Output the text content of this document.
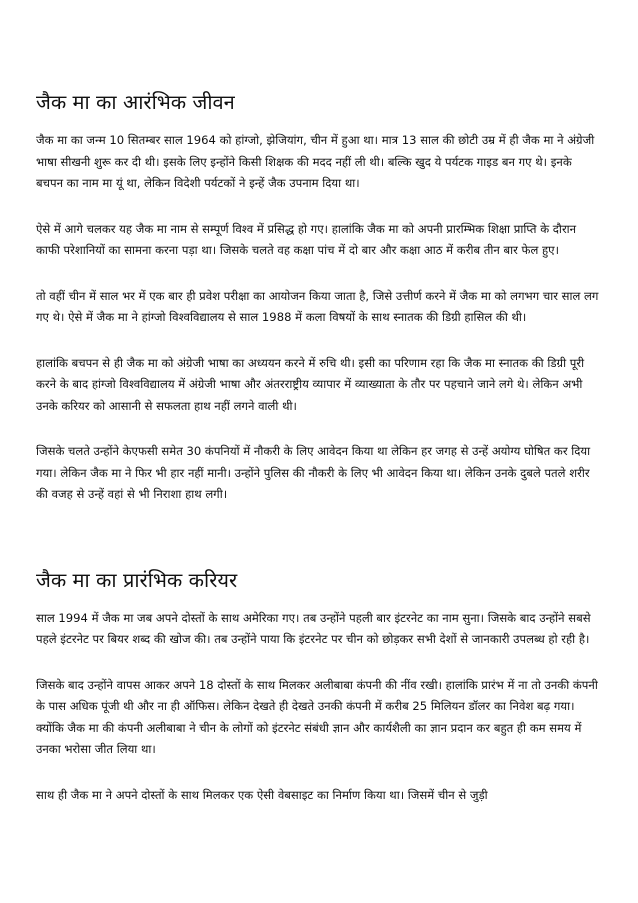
जैक मा का आरंभिक जीवन

जैक मा का जन्म 10 सितम्बर साल 1964 को हांग्जो, झेजियांग, चीन में हुआ था। मात्र 13 साल की छोटी उम्र में ही जैक मा ने अंग्रेजी भाषा सीखनी शुरू कर दी थी। इसके लिए इन्होंने किसी शिक्षक की मदद नहीं ली थी। बल्कि खुद ये पर्यटक गाइड बन गए थे। इनके बचपन का नाम मा यूं था, लेकिन विदेशी पर्यटकों ने इन्हें जैक उपनाम दिया था।

ऐसे में आगे चलकर यह जैक मा नाम से सम्पूर्ण विश्व में प्रसिद्ध हो गए। हालांकि जैक मा को अपनी प्रारम्भिक शिक्षा प्राप्ति के दौरान काफी परेशानियों का सामना करना पड़ा था। जिसके चलते वह कक्षा पांच में दो बार और कक्षा आठ में करीब तीन बार फेल हुए।

तो वहीं चीन में साल भर में एक बार ही प्रवेश परीक्षा का आयोजन किया जाता है, जिसे उत्तीर्ण करने में जैक मा को लगभग चार साल लग गए थे। ऐसे में जैक मा ने हांग्जो विश्वविद्यालय से साल 1988 में कला विषयों के साथ स्नातक की डिग्री हासिल की थी।

हालांकि बचपन से ही जैक मा को अंग्रेजी भाषा का अध्ययन करने में रुचि थी। इसी का परिणाम रहा कि जैक मा स्नातक की डिग्री पूरी करने के बाद हांग्जो विश्वविद्यालय में अंग्रेजी भाषा और अंतरराष्ट्रीय व्यापार में व्याख्याता के तौर पर पहचाने जाने लगे थे। लेकिन अभी उनके करियर को आसानी से सफलता हाथ नहीं लगने वाली थी।

जिसके चलते उन्होंने केएफसी समेत 30 कंपनियों में नौकरी के लिए आवेदन किया था लेकिन हर जगह से उन्हें अयोग्य घोषित कर दिया गया। लेकिन जैक मा ने फिर भी हार नहीं मानी। उन्होंने पुलिस की नौकरी के लिए भी आवेदन किया था। लेकिन उनके दुबले पतले शरीर की वजह से उन्हें वहां से भी निराशा हाथ लगी।

जैक मा का प्रारंभिक करियर

साल 1994 में जैक मा जब अपने दोस्तों के साथ अमेरिका गए। तब उन्होंने पहली बार इंटरनेट का नाम सुना। जिसके बाद उन्होंने सबसे पहले इंटरनेट पर बियर शब्द की खोज की। तब उन्होंने पाया कि इंटरनेट पर चीन को छोड़कर सभी देशों से जानकारी उपलब्ध हो रही है।

जिसके बाद उन्होंने वापस आकर अपने 18 दोस्तों के साथ मिलकर अलीबाबा कंपनी की नींव रखी। हालांकि प्रारंभ में ना तो उनकी कंपनी के पास अधिक पूंजी थी और ना ही ऑफिस। लेकिन देखते ही देखते उनकी कंपनी में करीब 25 मिलियन डॉलर का निवेश बढ़ गया। क्योंकि जैक मा की कंपनी अलीबाबा ने चीन के लोगों को इंटरनेट संबंधी ज्ञान और कार्यशैली का ज्ञान प्रदान कर बहुत ही कम समय में उनका भरोसा जीत लिया था।

साथ ही जैक मा ने अपने दोस्तों के साथ मिलकर एक ऐसी वेबसाइट का निर्माण किया था। जिसमें चीन से जुड़ी
